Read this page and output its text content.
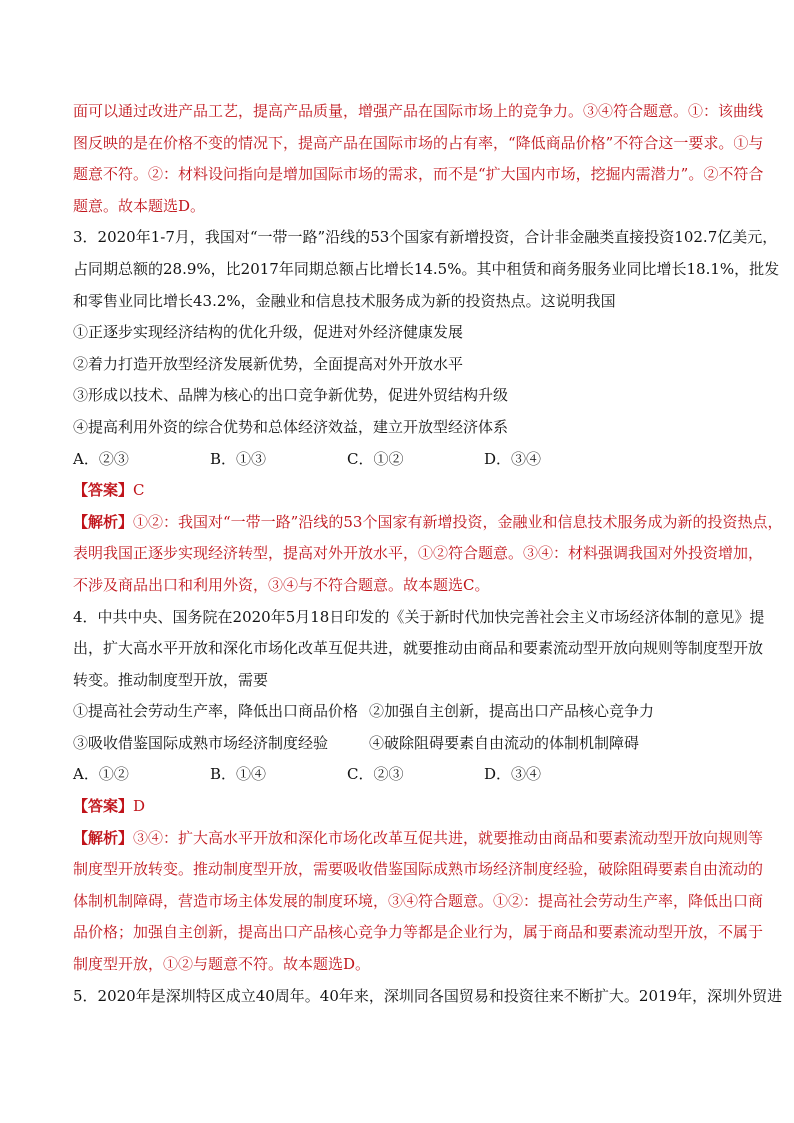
面可以通过改进产品工艺，提高产品质量，增强产品在国际市场上的竞争力。③④符合题意。①：该曲线
图反映的是在价格不变的情况下，提高产品在国际市场的占有率，“降低商品价格”不符合这一要求。①与
题意不符。②：材料设问指向是增加国际市场的需求，而不是“扩大国内市场，挖掘内需潜力”。②不符合
题意。故本题选D。
3．2020年1-7月，我国对“一带一路”沿线的53个国家有新增投资，合计非金融类直接投资102.7亿美元，
占同期总额的28.9%，比2017年同期总额占比增长14.5%。其中租赁和商务服务业同比增长18.1%，批发
和零售业同比增长43.2%，金融业和信息技术服务成为新的投资热点。这说明我国
①正逐步实现经济结构的优化升级，促进对外经济健康发展
②着力打造开放型经济发展新优势，全面提高对外开放水平
③形成以技术、品牌为核心的出口竞争新优势，促进外贸结构升级
④提高利用外资的综合优势和总体经济效益，建立开放型经济体系
A．②③	B．①③	C．①②	D．③④
【答案】C
【解析】①②：我国对“一带一路”沿线的53个国家有新增投资，金融业和信息技术服务成为新的投资热点，
表明我国正逐步实现经济转型，提高对外开放水平，①②符合题意。③④：材料强调我国对外投资增加，
不涉及商品出口和利用外资，③④与不符合题意。故本题选C。
4．中共中央、国务院在2020年5月18日印发的《关于新时代加快完善社会主义市场经济体制的意见》提
出，扩大高水平开放和深化市场化改革互促共进，就要推动由商品和要素流动型开放向规则等制度型开放
转变。推动制度型开放，需要
①提高社会劳动生产率，降低出口商品价格 ②加强自主创新，提高出口产品核心竞争力
③吸收借鉴国际成熟市场经济制度经验	④破除阻碍要素自由流动的体制机制障碍
A．①②	B．①④	C．②③	D．③④
【答案】D
【解析】③④：扩大高水平开放和深化市场化改革互促共进，就要推动由商品和要素流动型开放向规则等
制度型开放转变。推动制度型开放，需要吸收借鉴国际成熟市场经济制度经验，破除阻碍要素自由流动的
体制机制障碍，营造市场主体发展的制度环境，③④符合题意。①②：提高社会劳动生产率，降低出口商
品价格；加强自主创新，提高出口产品核心竞争力等都是企业行为，属于商品和要素流动型开放，不属于
制度型开放，①②与题意不符。故本题选D。
5．2020年是深圳特区成立40周年。40年来，深圳同各国贸易和投资往来不断扩大。2019年，深圳外贸进
